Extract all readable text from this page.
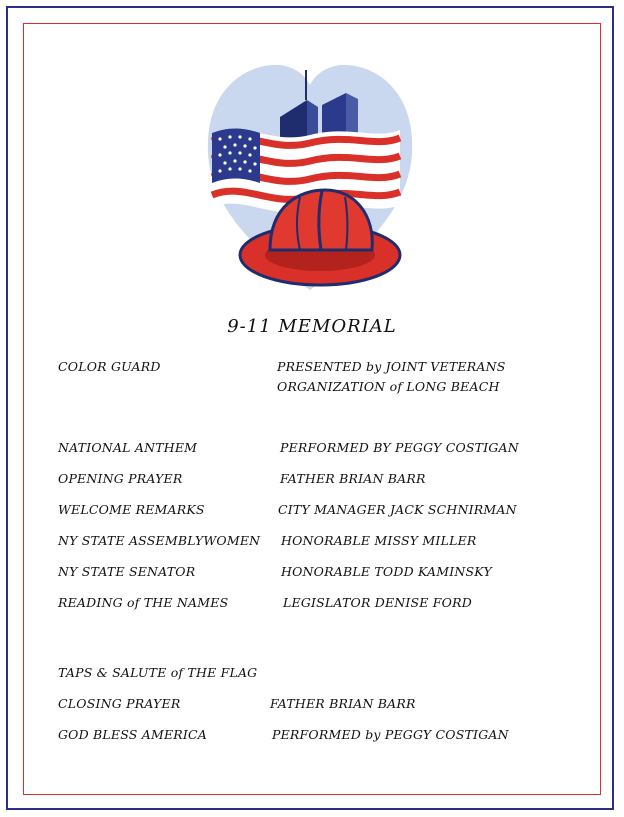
9-11 MEMORIAL
COLOR GUARD	PRESENTED by JOINT VETERANS
ORGANIZATION of LONG BEACH
NATIONAL ANTHEM	PERFORMED BY PEGGY COSTIGAN
OPENING PRAYER	FATHER BRIAN BARR
WELCOME REMARKS	CITY MANAGER JACK SCHNIRMAN
NY STATE ASSEMBLYWOMEN HONORABLE MISSY MILLER
NY STATE SENATOR	HONORABLE TODD KAMINSKY
READING of THE NAMES	LEGISLATOR DENISE FORD
TAPS & SALUTE of THE FLAG
CLOSING PRAYER	FATHER BRIAN BARR
GOD BLESS AMERICA	PERFORMED by PEGGY COSTIGAN
